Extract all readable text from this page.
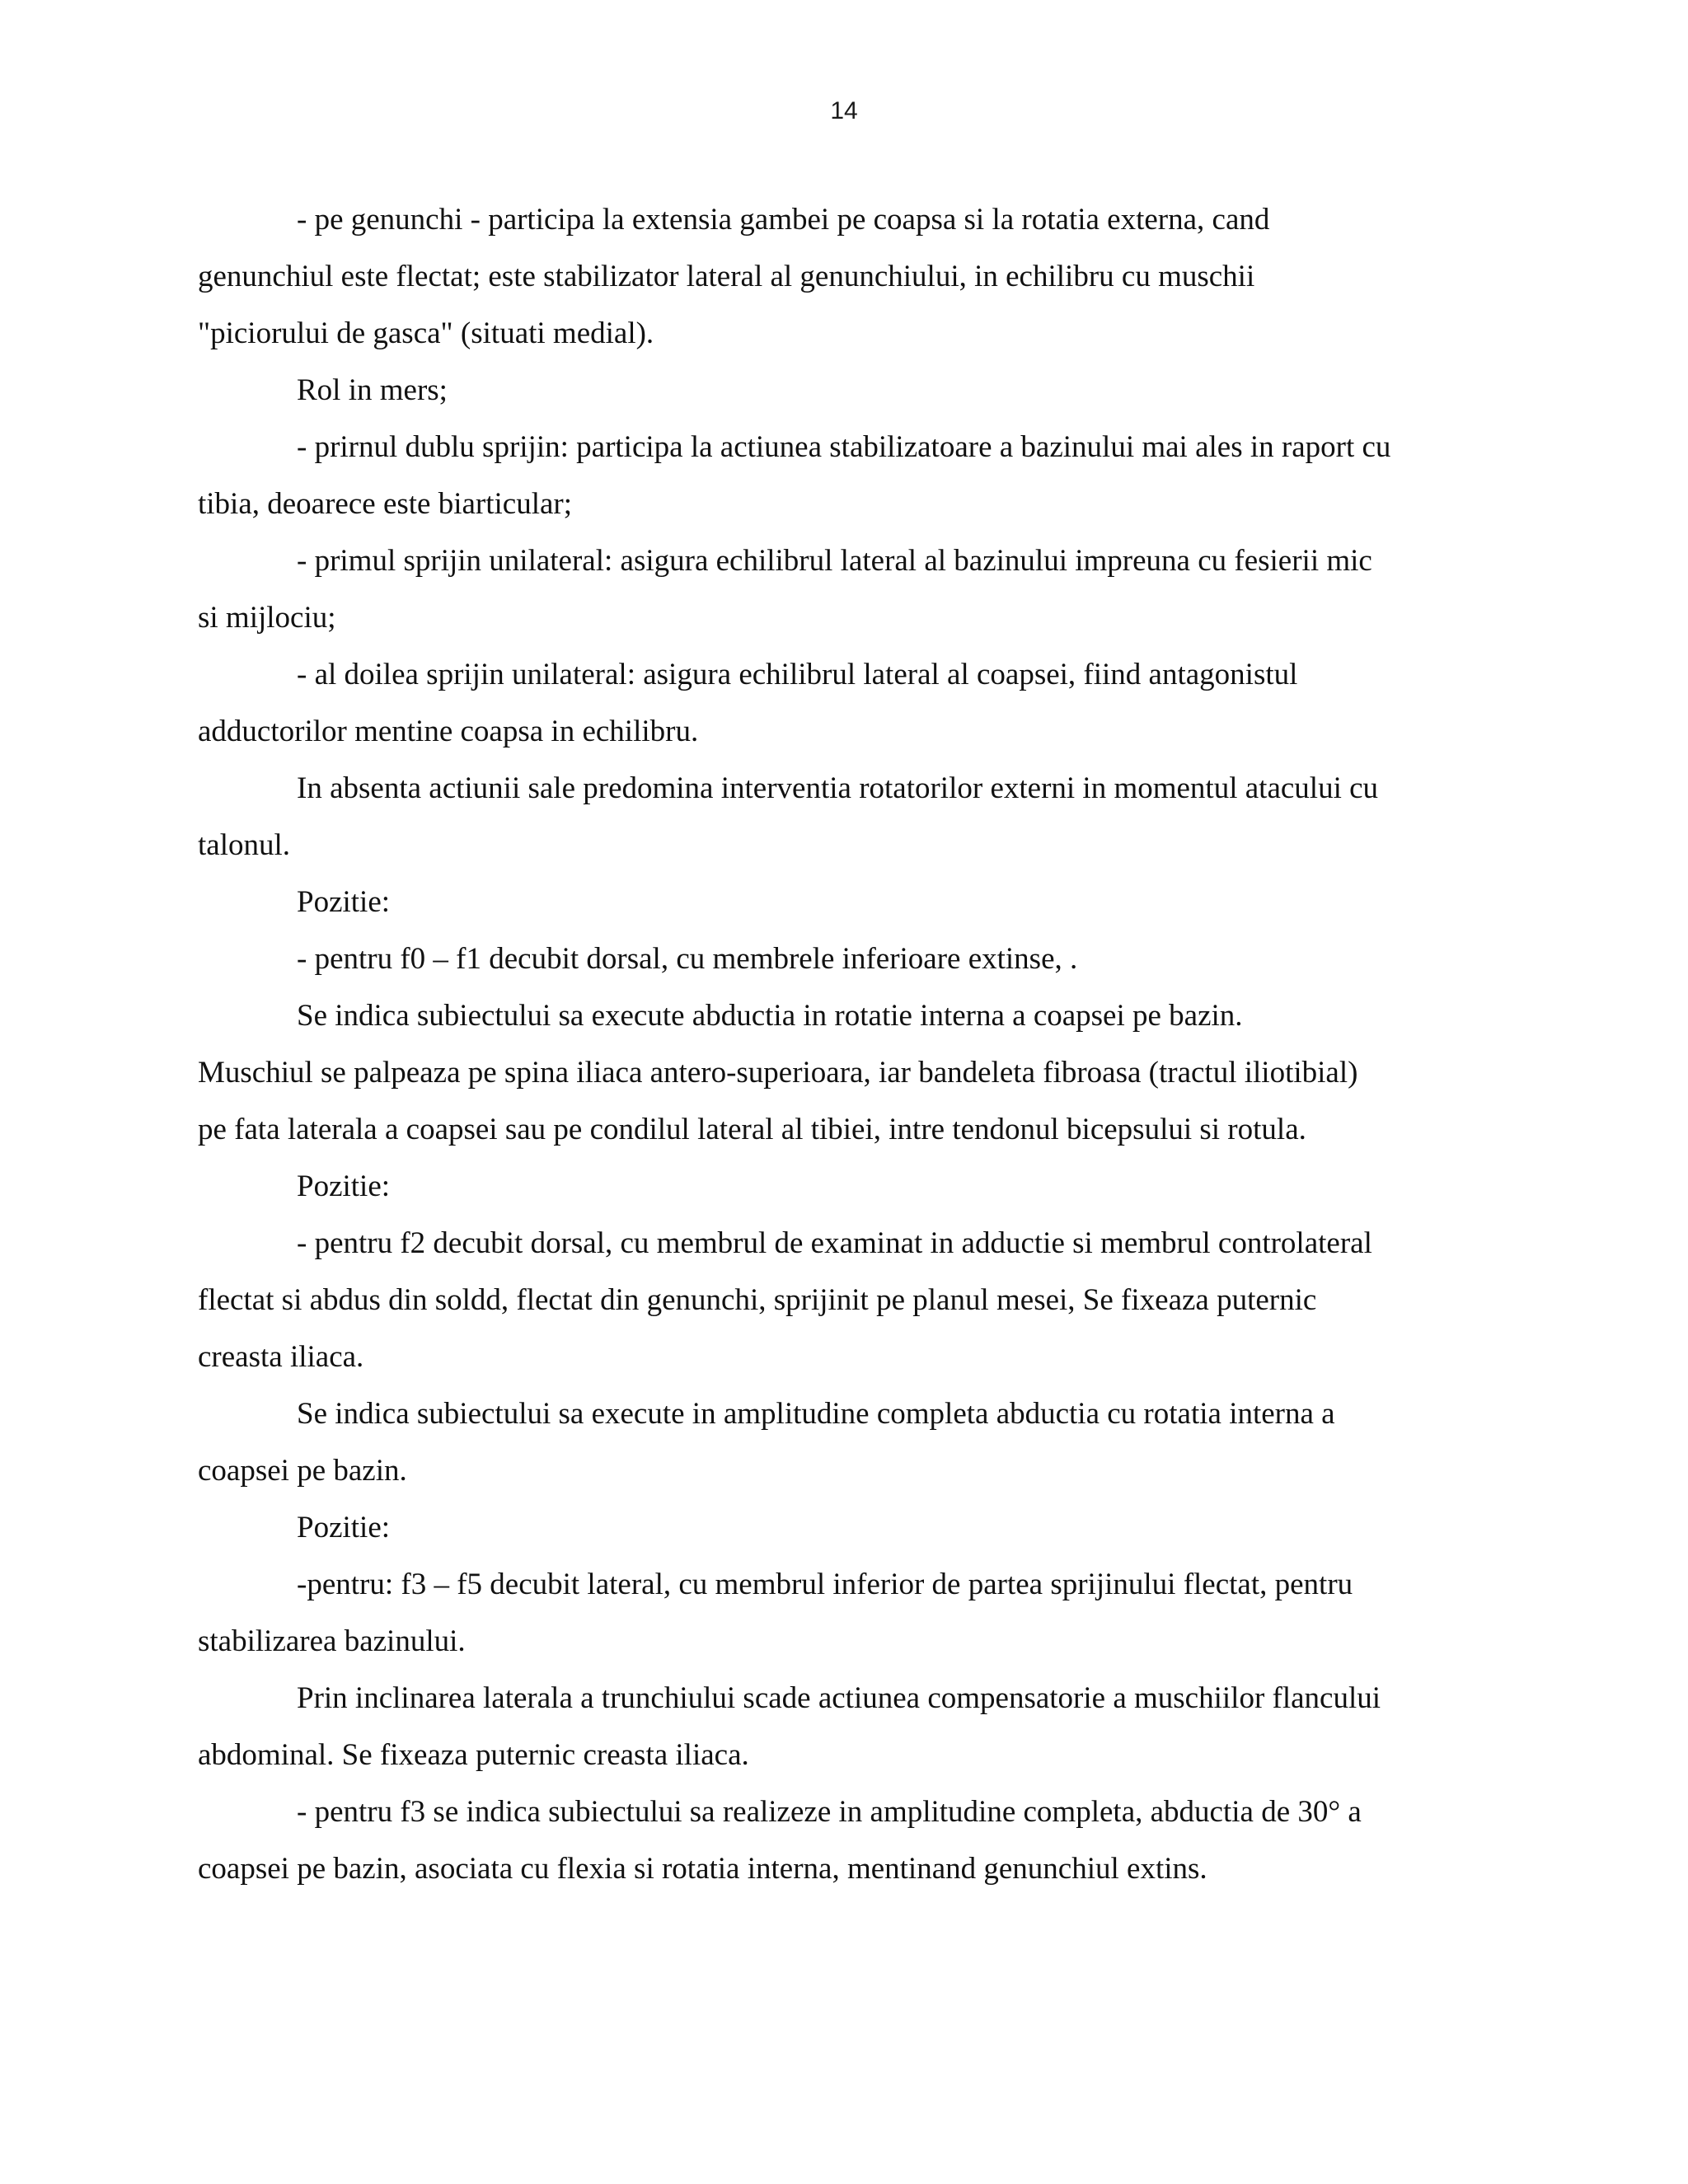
14
- pe genunchi - participa la extensia gambei pe coapsa si la rotatia externa, cand
genunchiul este flectat; este stabilizator lateral al genunchiului, in echilibru cu muschii
"piciorului de gasca" (situati medial).
Rol in mers;
- prirnul dublu sprijin: participa la actiunea stabilizatoare a bazinului mai ales in raport cu
tibia, deoarece este biarticular;
- primul sprijin unilateral: asigura echilibrul lateral al bazinului impreuna cu fesierii mic
si mijlociu;
- al doilea sprijin unilateral: asigura echilibrul lateral al coapsei, fiind antagonistul
adductorilor mentine coapsa in echilibru.
In absenta actiunii sale predomina interventia rotatorilor externi in momentul atacului cu
talonul.
Pozitie:
- pentru f0 – f1 decubit dorsal, cu membrele inferioare extinse, .
Se indica subiectului sa execute abductia in rotatie interna a coapsei pe bazin.
Muschiul se palpeaza pe spina iliaca antero-superioara, iar bandeleta fibroasa (tractul iliotibial)
pe fata laterala a coapsei sau pe condilul lateral al tibiei, intre tendonul bicepsului si rotula.
Pozitie:
- pentru f2 decubit dorsal, cu membrul de examinat in adductie si membrul controlateral
flectat si abdus din soldd, flectat din genunchi, sprijinit pe planul mesei, Se fixeaza puternic
creasta iliaca.
Se indica subiectului sa execute in amplitudine completa abductia cu rotatia interna a
coapsei pe bazin.
Pozitie:
-pentru: f3 – f5 decubit lateral, cu membrul inferior de partea sprijinului flectat, pentru
stabilizarea bazinului.
Prin inclinarea laterala a trunchiului scade actiunea compensatorie a muschiilor flancului
abdominal. Se fixeaza puternic creasta iliaca.
- pentru f3 se indica subiectului sa realizeze in amplitudine completa, abductia de 30° a
coapsei pe bazin, asociata cu flexia si rotatia interna, mentinand genunchiul extins.
